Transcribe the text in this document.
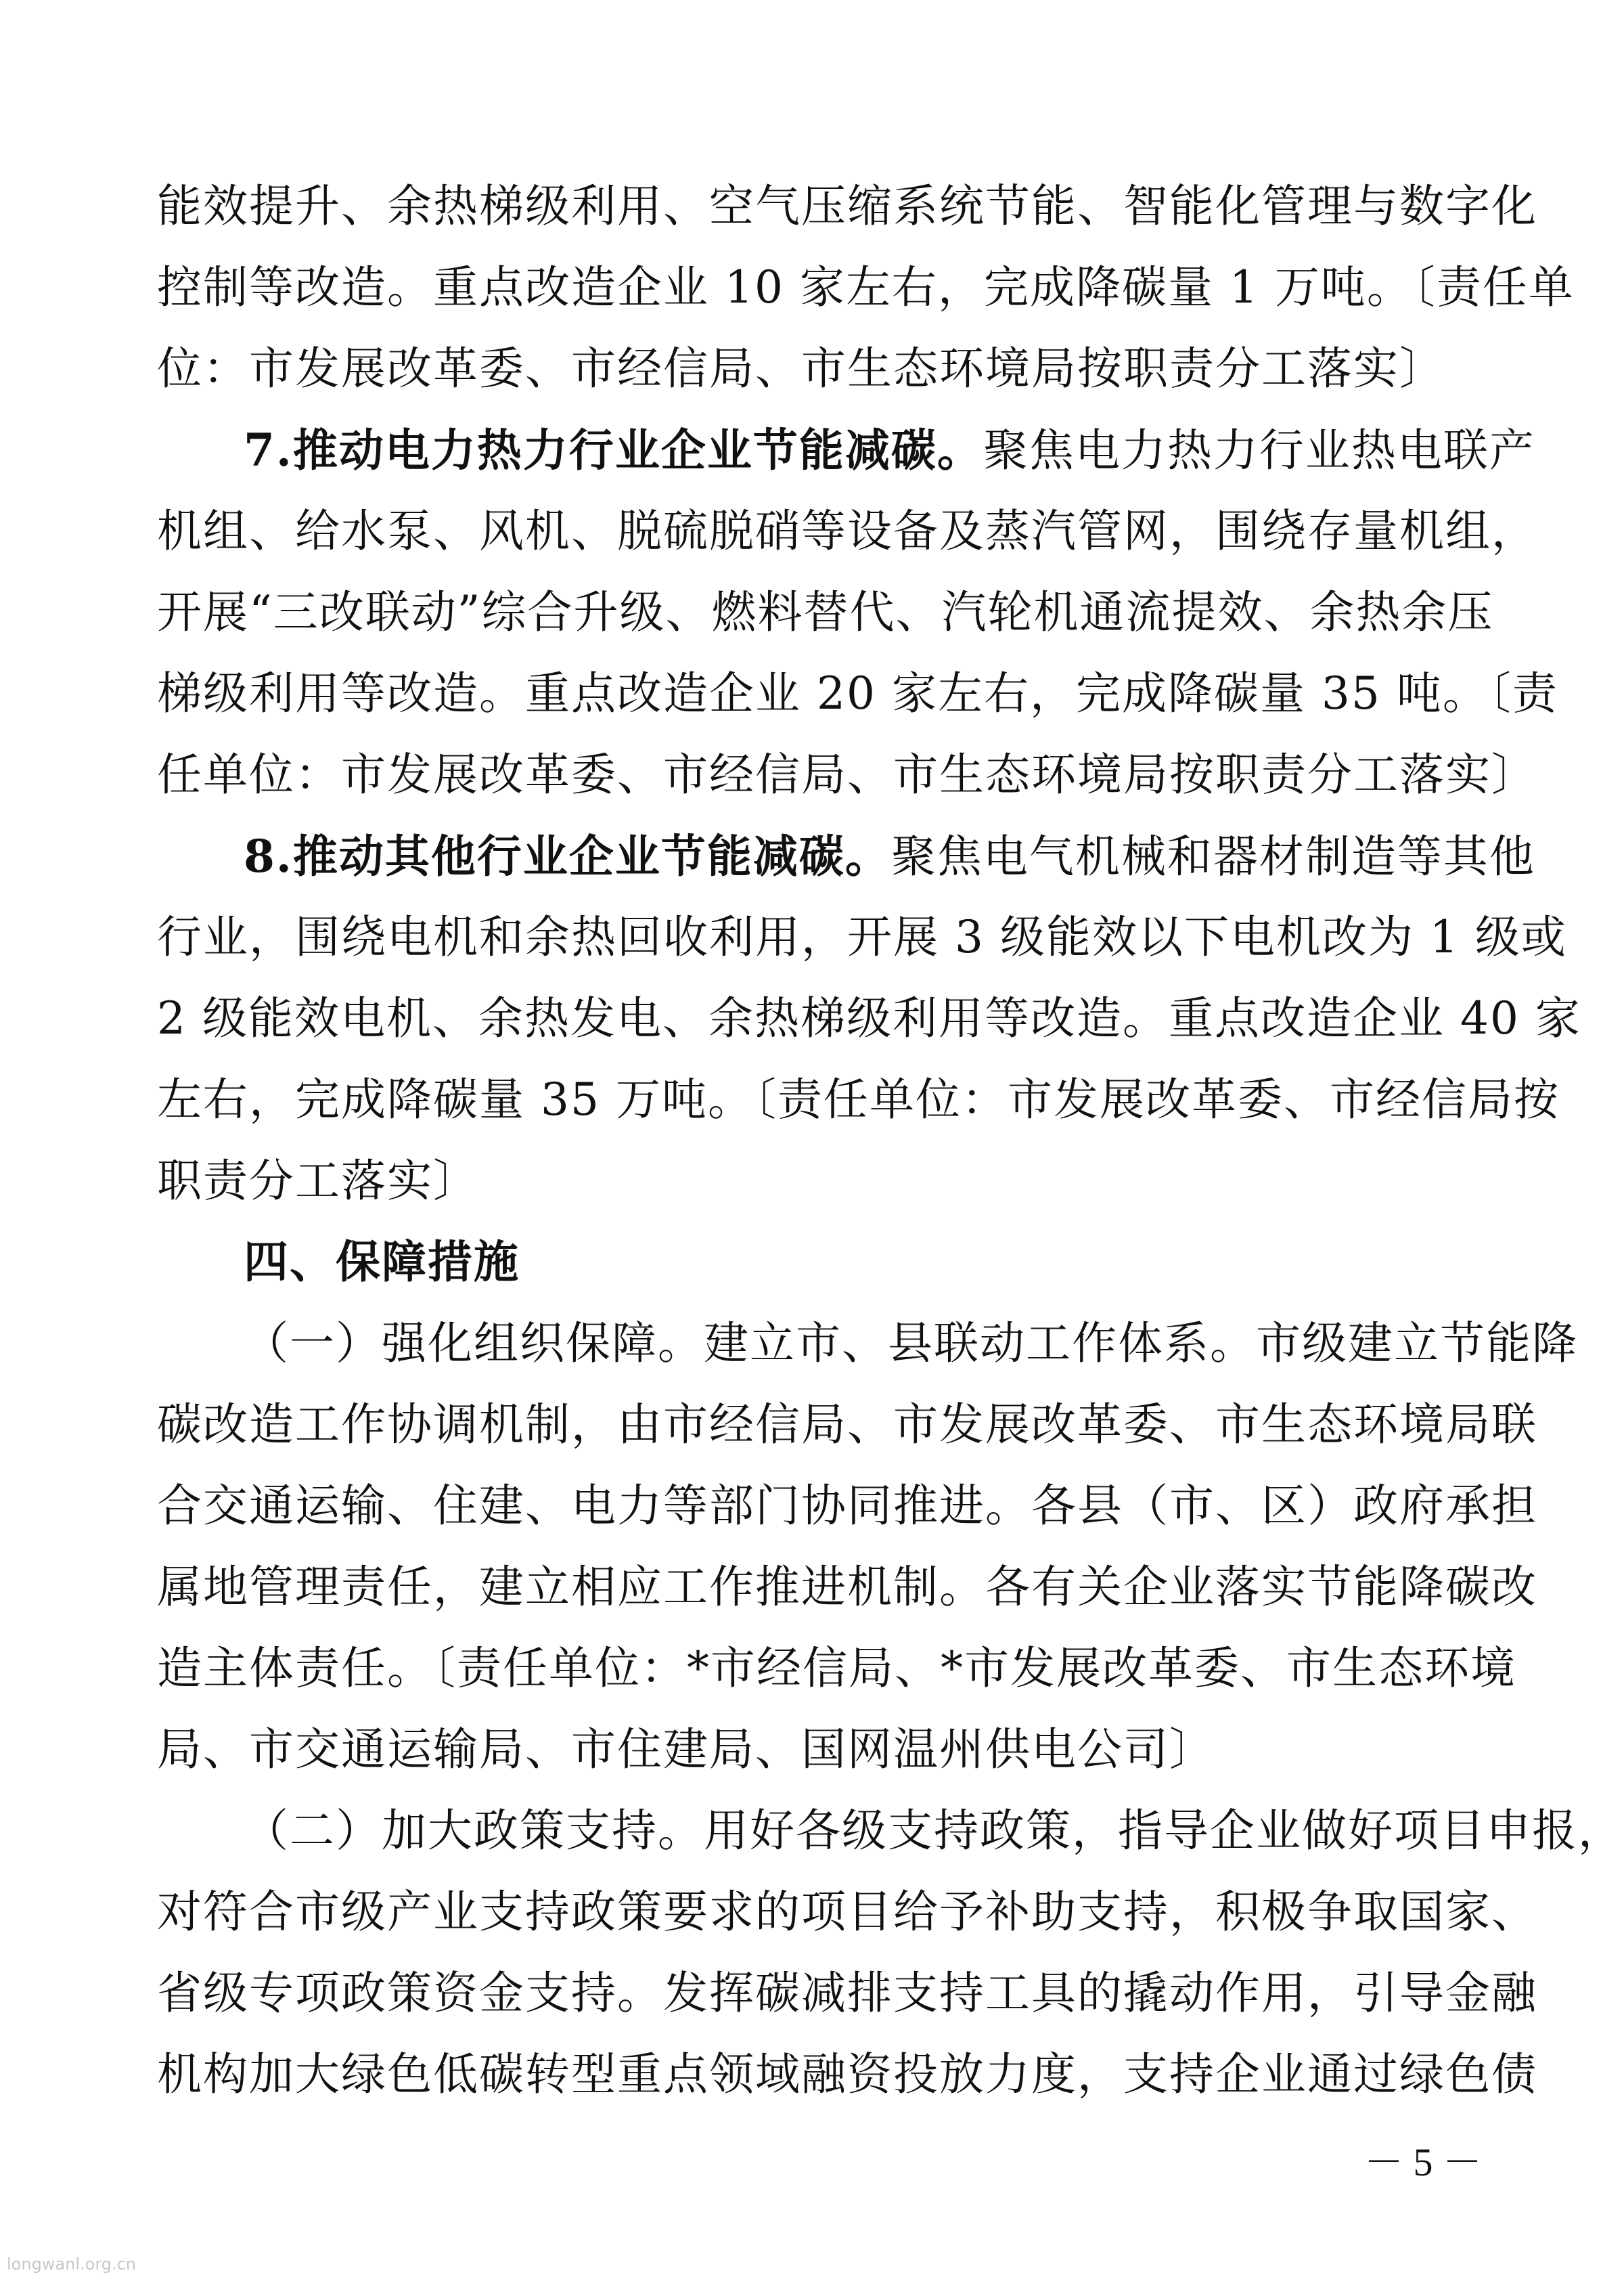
能效提升、余热梯级利用、空气压缩系统节能、智能化管理与数字化
控制等改造。重点改造企业 10 家左右，完成降碳量 1 万吨。〔责任单
位：市发展改革委、市经信局、市生态环境局按职责分工落实〕
7.推动电力热力行业企业节能减碳。聚焦电力热力行业热电联产
机组、给水泵、风机、脱硫脱硝等设备及蒸汽管网，围绕存量机组，
开展“三改联动”综合升级、燃料替代、汽轮机通流提效、余热余压
梯级利用等改造。重点改造企业 20 家左右，完成降碳量 35 吨。〔责
任单位：市发展改革委、市经信局、市生态环境局按职责分工落实〕
8.推动其他行业企业节能减碳。聚焦电气机械和器材制造等其他
行业，围绕电机和余热回收利用，开展 3 级能效以下电机改为 1 级或
2 级能效电机、余热发电、余热梯级利用等改造。重点改造企业 40 家
左右，完成降碳量 35 万吨。〔责任单位：市发展改革委、市经信局按
职责分工落实〕
四、保障措施
（一）强化组织保障。建立市、县联动工作体系。市级建立节能降
碳改造工作协调机制，由市经信局、市发展改革委、市生态环境局联
合交通运输、住建、电力等部门协同推进。各县（市、区）政府承担
属地管理责任，建立相应工作推进机制。各有关企业落实节能降碳改
造主体责任。〔责任单位：*市经信局、*市发展改革委、市生态环境
局、市交通运输局、市住建局、国网温州供电公司〕
（二）加大政策支持。用好各级支持政策，指导企业做好项目申报，
对符合市级产业支持政策要求的项目给予补助支持，积极争取国家、
省级专项政策资金支持。发挥碳减排支持工具的撬动作用，引导金融
机构加大绿色低碳转型重点领域融资投放力度，支持企业通过绿色债
－ 5 －
longwanl.org.cn
